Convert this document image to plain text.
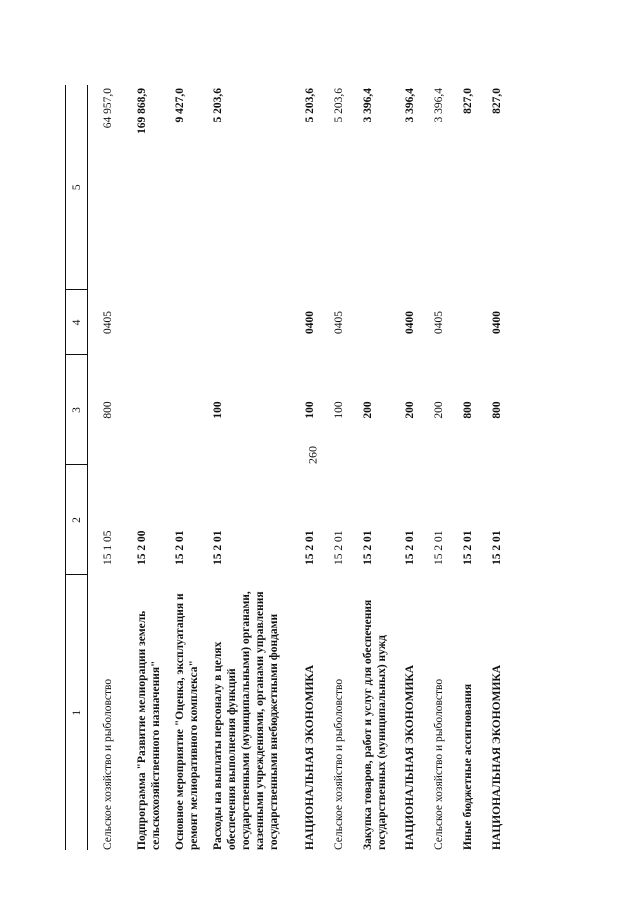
260
1	2	3	4	5
Сельское хозяйство и рыболовство	15 1 05	800	0405	64 957,0
Подпрограмма "Развитие мелиорации земель сельскохозяйственного назначения"	15 2 00			169 868,9
Основное мероприятие "Оценка, эксплуатация и ремонт мелиоративного комплекса"	15 2 01			9 427,0
Расходы на выплаты персоналу в целях обеспечения выполнения функций государственными (муниципальными) органами, казенными учреждениями, органами управления государственными внебюджетными фондами	15 2 01	100		5 203,6
НАЦИОНАЛЬНАЯ ЭКОНОМИКА	15 2 01	100	0400	5 203,6
Сельское хозяйство и рыболовство	15 2 01	100	0405	5 203,6
Закупка товаров, работ и услуг для обеспечения государственных (муниципальных) нужд	15 2 01	200		3 396,4
НАЦИОНАЛЬНАЯ ЭКОНОМИКА	15 2 01	200	0400	3 396,4
Сельское хозяйство и рыболовство	15 2 01	200	0405	3 396,4
Иные бюджетные ассигнования	15 2 01	800		827,0
НАЦИОНАЛЬНАЯ ЭКОНОМИКА	15 2 01	800	0400	827,0
